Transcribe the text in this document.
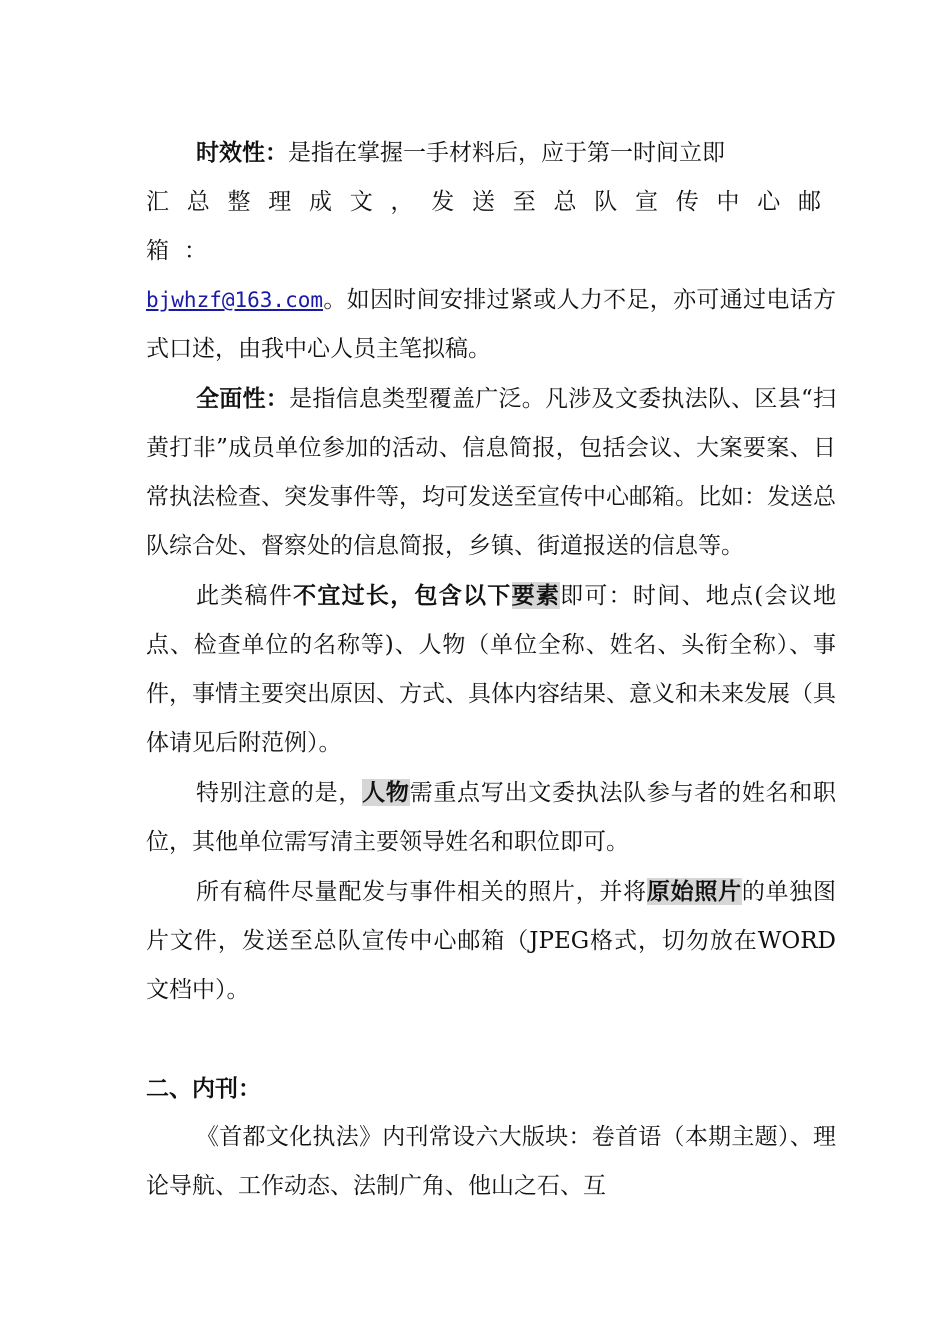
时效性：是指在掌握一手材料后，应于第一时间立即
汇总整理成文，发送至总队宣传中心邮箱：
bjwhzf@163.com。如因时间安排过紧或人力不足，亦可通过电话方式口述，由我中心人员主笔拟稿。

全面性：是指信息类型覆盖广泛。凡涉及文委执法队、区县“扫黄打非”成员单位参加的活动、信息简报，包括会议、大案要案、日常执法检查、突发事件等，均可发送至宣传中心邮箱。比如：发送总队综合处、督察处的信息简报，乡镇、街道报送的信息等。

此类稿件不宜过长，包含以下要素即可：时间、地点(会议地点、检查单位的名称等)、人物（单位全称、姓名、头衔全称）、事件，事情主要突出原因、方式、具体内容结果、意义和未来发展（具体请见后附范例）。

特别注意的是，人物需重点写出文委执法队参与者的姓名和职位，其他单位需写清主要领导姓名和职位即可。

所有稿件尽量配发与事件相关的照片，并将原始照片的单独图片文件，发送至总队宣传中心邮箱（JPEG格式，切勿放在WORD文档中）。

二、内刊：

《首都文化执法》内刊常设六大版块：卷首语（本期主题）、理论导航、工作动态、法制广角、他山之石、互
